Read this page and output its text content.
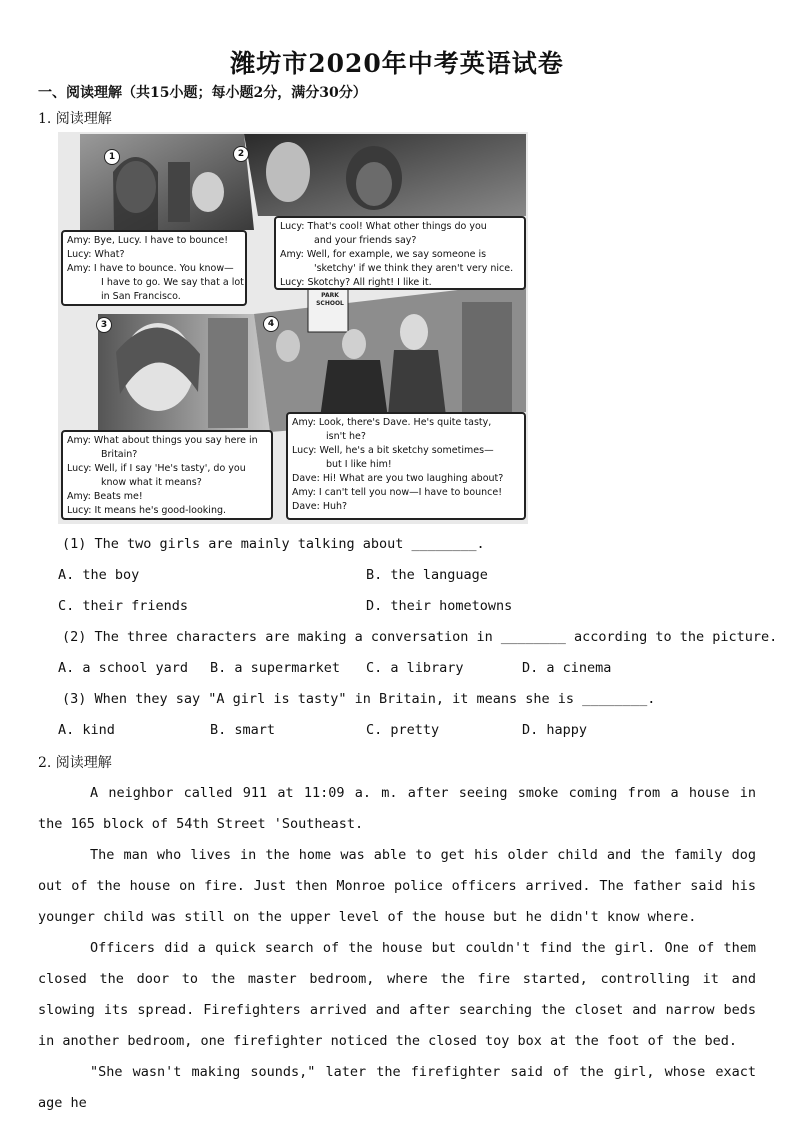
潍坊市2020年中考英语试卷
一、阅读理解（共15小题；每小题2分，满分30分）
1. 阅读理解
1	2
3	4
PARK
SCHOOL
Amy: Bye, Lucy. I have to bounce!
Lucy: What?
Amy: I have to bounce. You know—
I have to go. We say that a lot
in San Francisco.
Lucy: That's cool! What other things do you
and your friends say?
Amy: Well, for example, we say someone is
'sketchy' if we think they aren't very nice.
Lucy: Skotchy? All right! I like it.
Amy: What about things you say here in
Britain?
Lucy: Well, if I say 'He's tasty', do you
know what it means?
Amy: Beats me!
Lucy: It means he's good-looking.
Amy: Look, there's Dave. He's quite tasty,
isn't he?
Lucy: Well, he's a bit sketchy sometimes—
but I like him!
Dave: Hi! What are you two laughing about?
Amy: I can't tell you now—I have to bounce!
Dave: Huh?
(1) The two girls are mainly talking about ________.
A. the boy	B. the language
C. their friends	D. their hometowns
(2) The three characters are making a conversation in ________ according to the picture.
A. a school yard B. a supermarket C. a library	D. a cinema
(3) When they say "A girl is tasty" in Britain, it means she is ________.
A. kind	B. smart	C. pretty	D. happy
2. 阅读理解

A neighbor called 911 at 11:09 a. m. after seeing smoke coming from a house in the 165 block of 54th Street 'Southeast.

The man who lives in the home was able to get his older child and the family dog out of the house on fire. Just then Monroe police officers arrived. The father said his younger child was still on the upper level of the house but he didn't know where.

Officers did a quick search of the house but couldn't find the girl. One of them closed the door to the master bedroom, where the fire started, controlling it and slowing its spread. Firefighters arrived and after searching the closet and narrow beds in another bedroom, one firefighter noticed the closed toy box at the foot of the bed.

"She wasn't making sounds," later the firefighter said of the girl, whose exact age he
